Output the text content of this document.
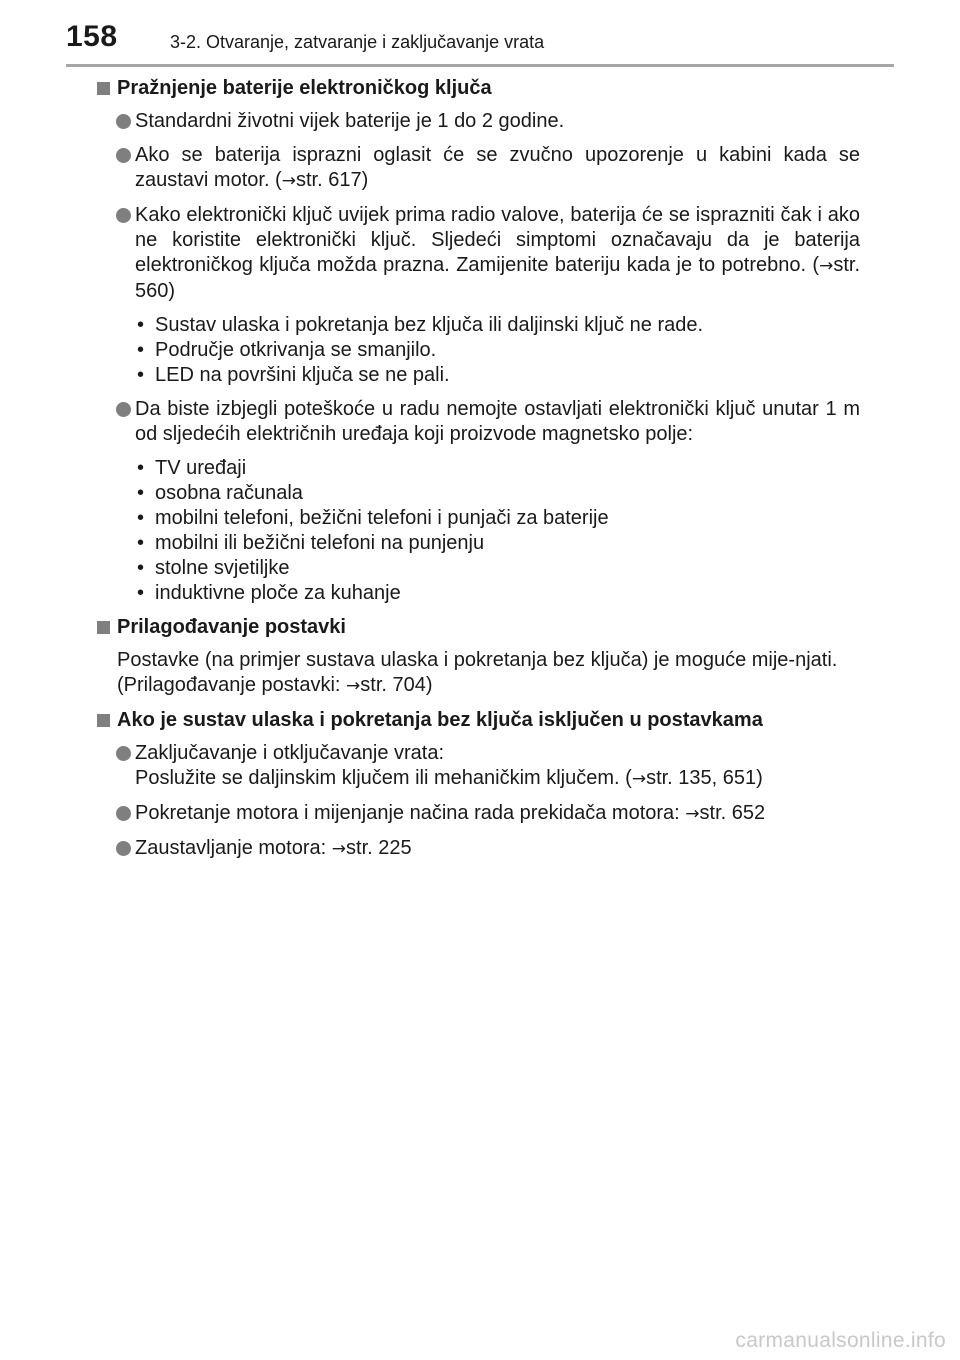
158	3-2. Otvaranje, zatvaranje i zaključavanje vrata
Pražnjenje baterije elektroničkog ključa
Standardni životni vijek baterije je 1 do 2 godine.
Ako se baterija isprazni oglasit će se zvučno upozorenje u kabini kada se zaustavi motor. (→str. 617)
Kako elektronički ključ uvijek prima radio valove, baterija će se isprazniti čak i ako ne koristite elektronički ključ. Sljedeći simptomi označavaju da je baterija elektroničkog ključa možda prazna. Zamijenite bateriju kada je to potrebno. (→str. 560)
• Sustav ulaska i pokretanja bez ključa ili daljinski ključ ne rade.
• Područje otkrivanja se smanjilo.
• LED na površini ključa se ne pali.
Da biste izbjegli poteškoće u radu nemojte ostavljati elektronički ključ unutar 1 m od sljedećih električnih uređaja koji proizvode magnetsko polje:
• TV uređaji
• osobna računala
• mobilni telefoni, bežični telefoni i punjači za baterije
• mobilni ili bežični telefoni na punjenju
• stolne svjetiljke
• induktivne ploče za kuhanje
Prilagođavanje postavki
Postavke (na primjer sustava ulaska i pokretanja bez ključa) je moguće mije-njati.
(Prilagođavanje postavki: →str. 704)
Ako je sustav ulaska i pokretanja bez ključa isključen u postavkama
Zaključavanje i otključavanje vrata:
Poslužite se daljinskim ključem ili mehaničkim ključem. (→str. 135, 651)
Pokretanje motora i mijenjanje načina rada prekidača motora: →str. 652
Zaustavljanje motora: →str. 225
carmanualsonline.info
